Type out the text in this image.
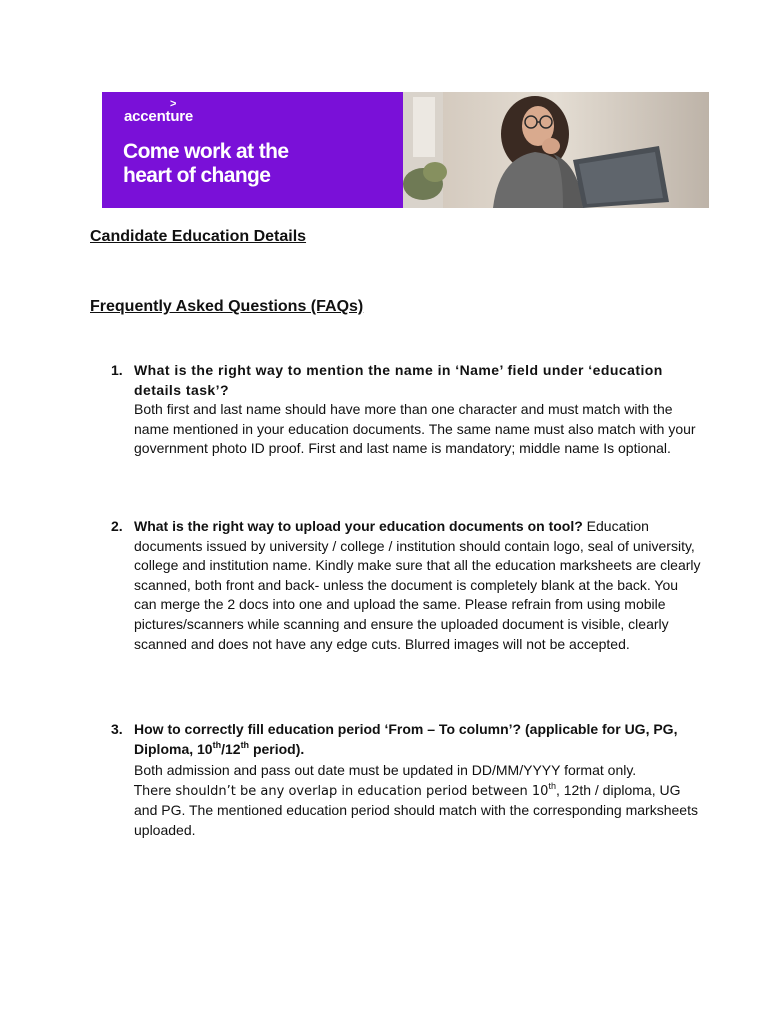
accenture
>
Come work at the
heart of change
Candidate Education Details
Frequently Asked Questions (FAQs)
1. What is the right way to mention the name in ‘Name’ field under ‘education details task’?
Both first and last name should have more than one character and must match with the name mentioned in your education documents. The same name must also match with your government photo ID proof. First and last name is mandatory; middle name Is optional.
2. What is the right way to upload your education documents on tool? Education documents issued by university / college / institution should contain logo, seal of university, college and institution name. Kindly make sure that all the education marksheets are clearly scanned, both front and back- unless the document is completely blank at the back. You can merge the 2 docs into one and upload the same. Please refrain from using mobile pictures/scanners while scanning and ensure the uploaded document is visible, clearly scanned and does not have any edge cuts. Blurred images will not be accepted.
3. How to correctly fill education period ‘From – To column’? (applicable for UG, PG, Diploma, 10th/12th period).
Both admission and pass out date must be updated in DD/MM/YYYY format only.
There shouldn’t be any overlap in education period between 10th, 12th / diploma, UG and PG. The mentioned education period should match with the corresponding marksheets uploaded.
